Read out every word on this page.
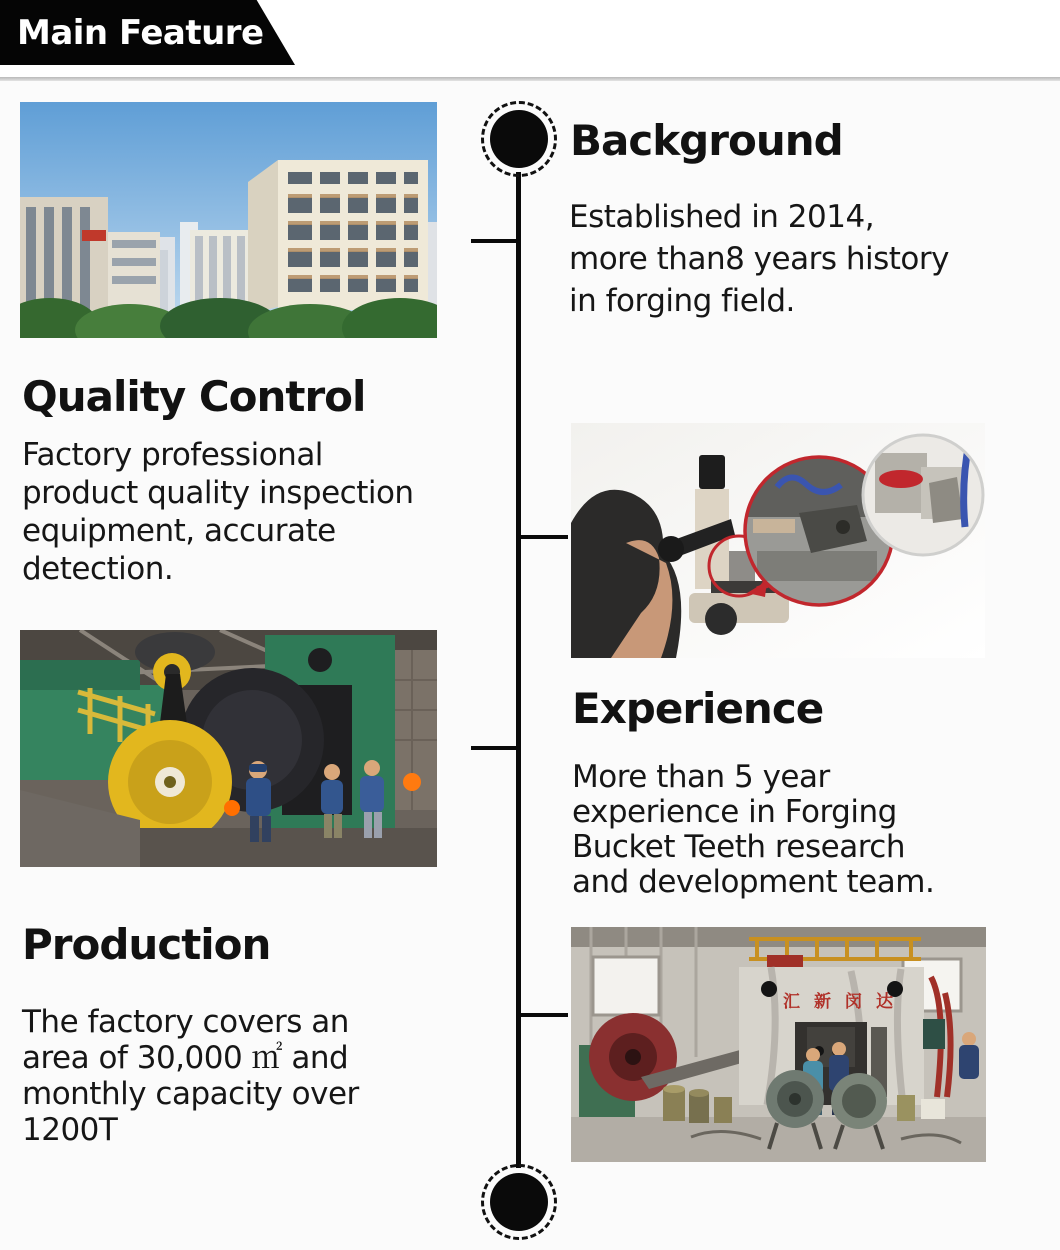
Main Feature
汇新闵达
Background
Established in 2014,
more than8 years history
in forging field.
Experience
More than 5 year
experience in Forging
Bucket Teeth research
and development team.
Quality Control
Factory professional
product quality inspection
equipment, accurate
detection.
Production
The factory covers an
area of 30,000 ㎡ and
monthly capacity over
1200T
